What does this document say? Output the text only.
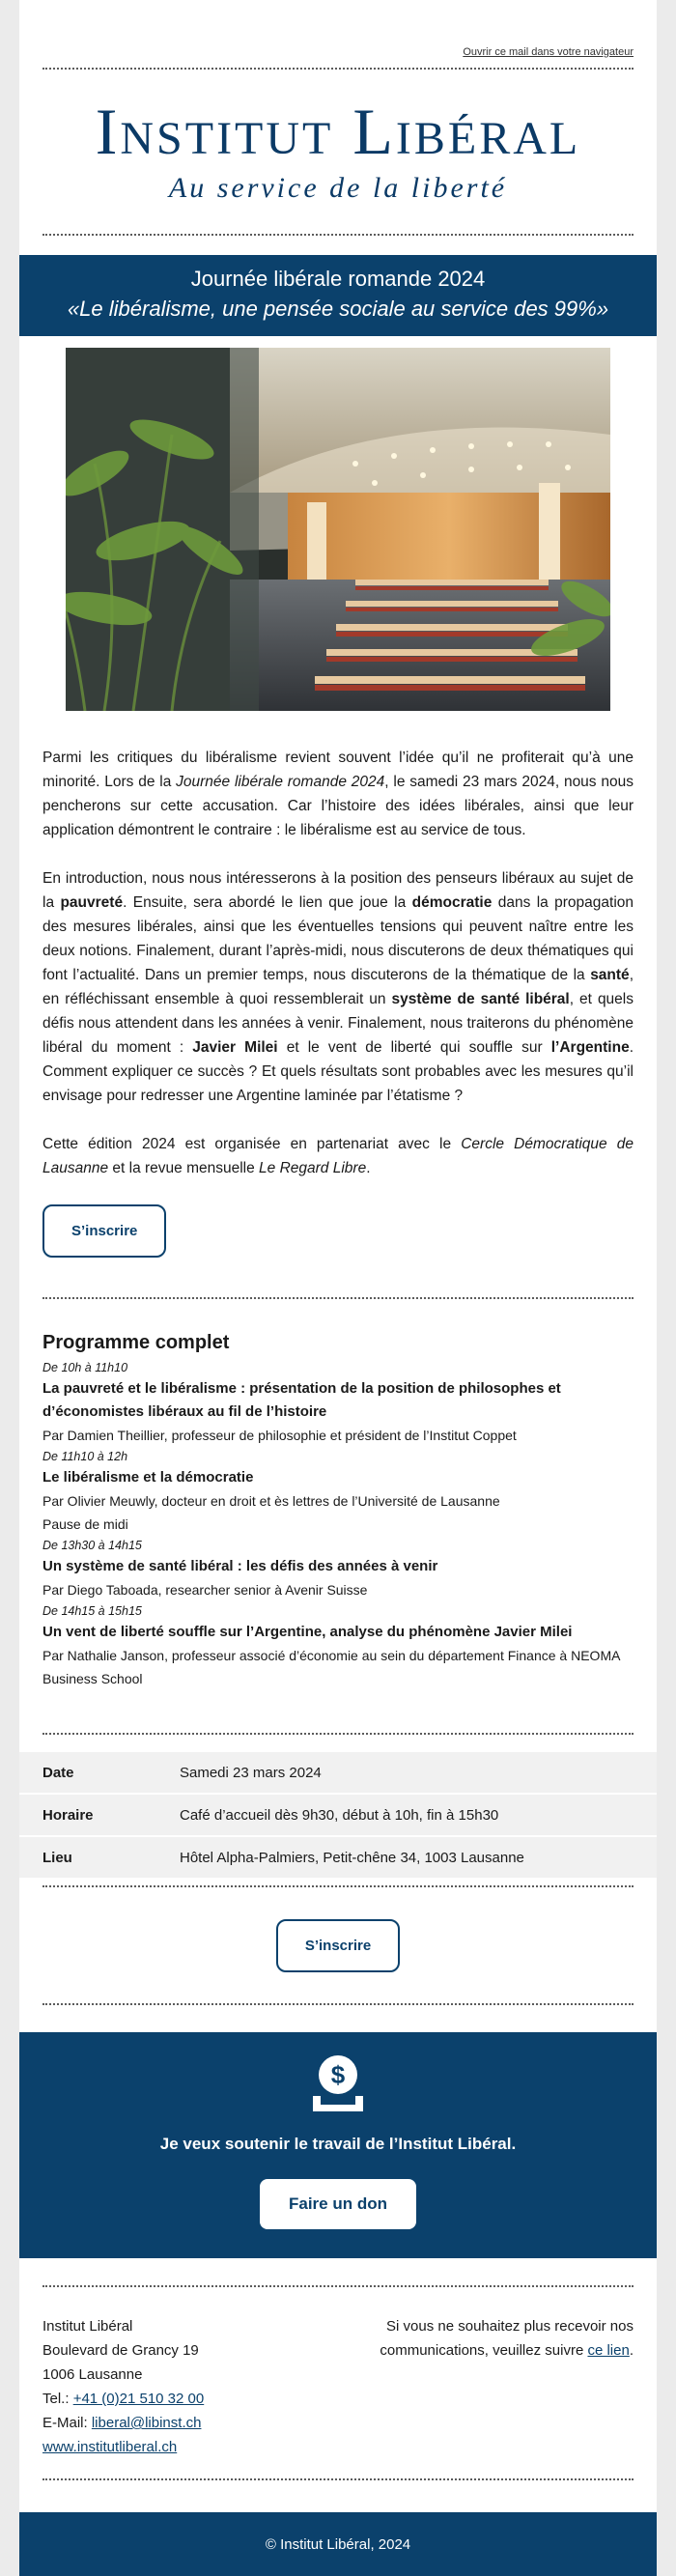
Ouvrir ce mail dans votre navigateur
Institut Libéral
Au service de la liberté
Journée libérale romande 2024
«Le libéralisme, une pensée sociale au service des 99%»

Parmi les critiques du libéralisme revient souvent l’idée qu’il ne profiterait qu’à une minorité. Lors de la Journée libérale romande 2024, le samedi 23 mars 2024, nous nous pencherons sur cette accusation. Car l’histoire des idées libérales, ainsi que leur application démontrent le contraire : le libéralisme est au service de tous.

En introduction, nous nous intéresserons à la position des penseurs libéraux au sujet de la pauvreté. Ensuite, sera abordé le lien que joue la démocratie dans la propagation des mesures libérales, ainsi que les éventuelles tensions qui peuvent naître entre les deux notions. Finalement, durant l’après-midi, nous discuterons de deux thématiques qui font l’actualité. Dans un premier temps, nous discuterons de la thématique de la santé, en réfléchissant ensemble à quoi ressemblerait un système de santé libéral, et quels défis nous attendent dans les années à venir. Finalement, nous traiterons du phénomène libéral du moment : Javier Milei et le vent de liberté qui souffle sur l’Argentine. Comment expliquer ce succès ? Et quels résultats sont probables avec les mesures qu’il envisage pour redresser une Argentine laminée par l’étatisme ?

Cette édition 2024 est organisée en partenariat avec le Cercle Démocratique de Lausanne et la revue mensuelle Le Regard Libre.

S’inscrire
Programme complet
De 10h à 11h10
La pauvreté et le libéralisme : présentation de la position de philosophes et d’économistes libéraux au fil de l’histoire
Par Damien Theillier, professeur de philosophie et président de l’Institut Coppet
De 11h10 à 12h
Le libéralisme et la démocratie
Par Olivier Meuwly, docteur en droit et ès lettres de l’Université de Lausanne
Pause de midi
De 13h30 à 14h15
Un système de santé libéral : les défis des années à venir
Par Diego Taboada, researcher senior à Avenir Suisse
De 14h15 à 15h15
Un vent de liberté souffle sur l’Argentine, analyse du phénomène Javier Milei
Par Nathalie Janson, professeur associé d’économie au sein du département Finance à NEOMA Business School
Date	Samedi 23 mars 2024
Horaire	Café d’accueil dès 9h30, début à 10h, fin à 15h30
Lieu	Hôtel Alpha-Palmiers, Petit-chêne 34, 1003 Lausanne
S’inscrire
$
Je veux soutenir le travail de l’Institut Libéral.
Faire un don
Institut Libéral
Boulevard de Grancy 19
1006 Lausanne
Tel.: +41 (0)21 510 32 00
E-Mail: liberal@libinst.ch
www.institutliberal.ch
Si vous ne souhaitez plus recevoir nos communications, veuillez suivre ce lien.
© Institut Libéral, 2024
